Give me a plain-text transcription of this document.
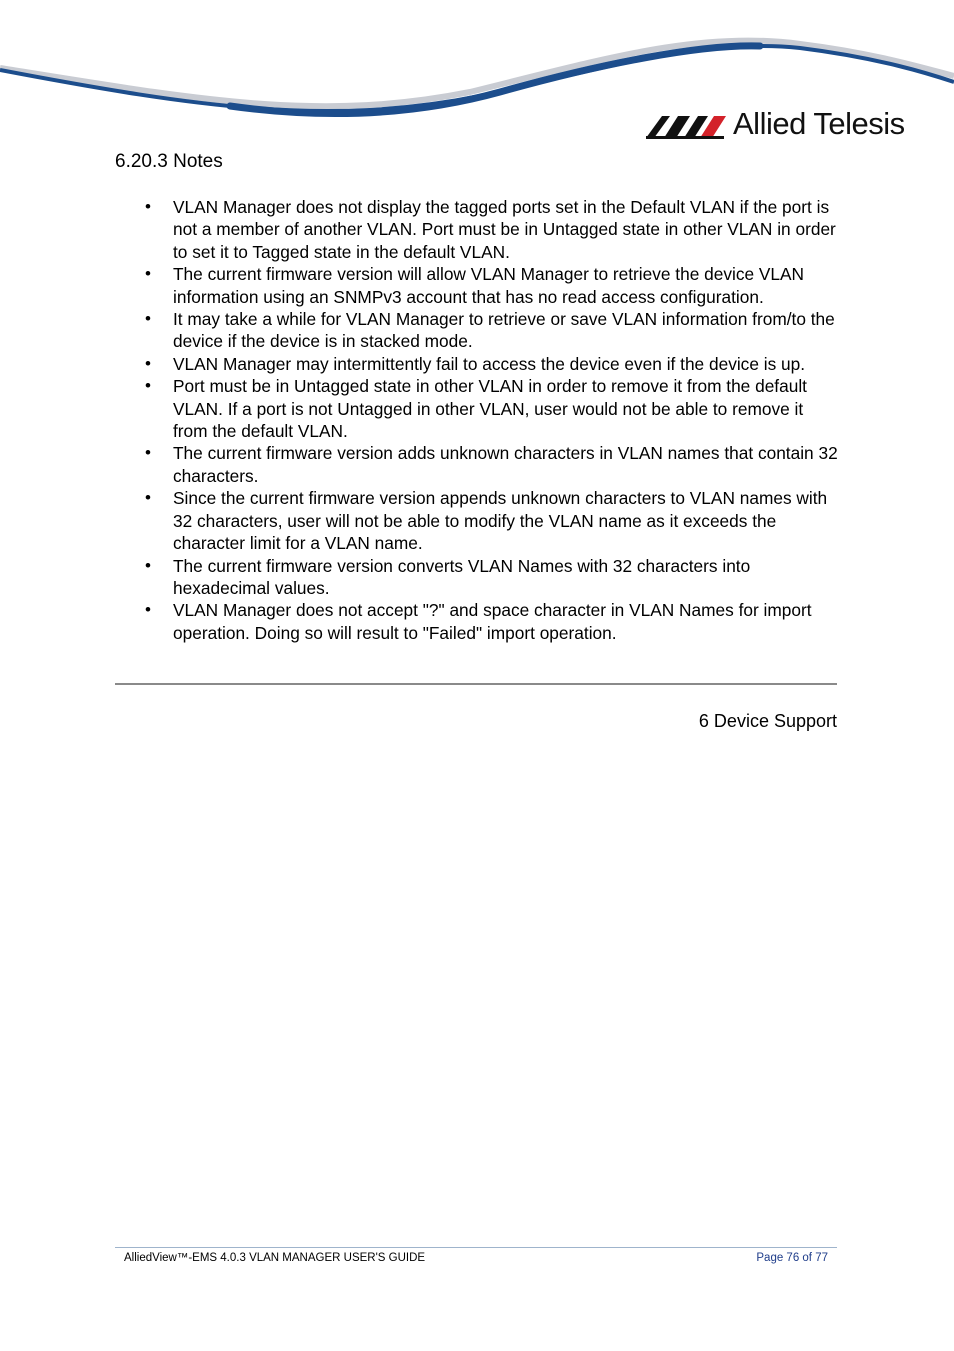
Allied Telesis
6.20.3 Notes
• VLAN Manager does not display the tagged ports set in the Default VLAN if the port is not a member of another VLAN. Port must be in Untagged state in other VLAN in order to set it to Tagged state in the default VLAN.
• The current firmware version will allow VLAN Manager to retrieve the device VLAN information using an SNMPv3 account that has no read access configuration.
• It may take a while for VLAN Manager to retrieve or save VLAN information from/to the device if the device is in stacked mode.
• VLAN Manager may intermittently fail to access the device even if the device is up.
• Port must be in Untagged state in other VLAN in order to remove it from the default VLAN. If a port is not Untagged in other VLAN, user would not be able to remove it from the default VLAN.
• The current firmware version adds unknown characters in VLAN names that contain 32 characters.
• Since the current firmware version appends unknown characters to VLAN names with 32 characters, user will not be able to modify the VLAN name as it exceeds the character limit for a VLAN name.
• The current firmware version converts VLAN Names with 32 characters into hexadecimal values.
• VLAN Manager does not accept "?" and space character in VLAN Names for import operation. Doing so will result to "Failed" import operation.
6 Device Support
AlliedView™-EMS 4.0.3 VLAN MANAGER USER'S GUIDE	Page 76 of 77
